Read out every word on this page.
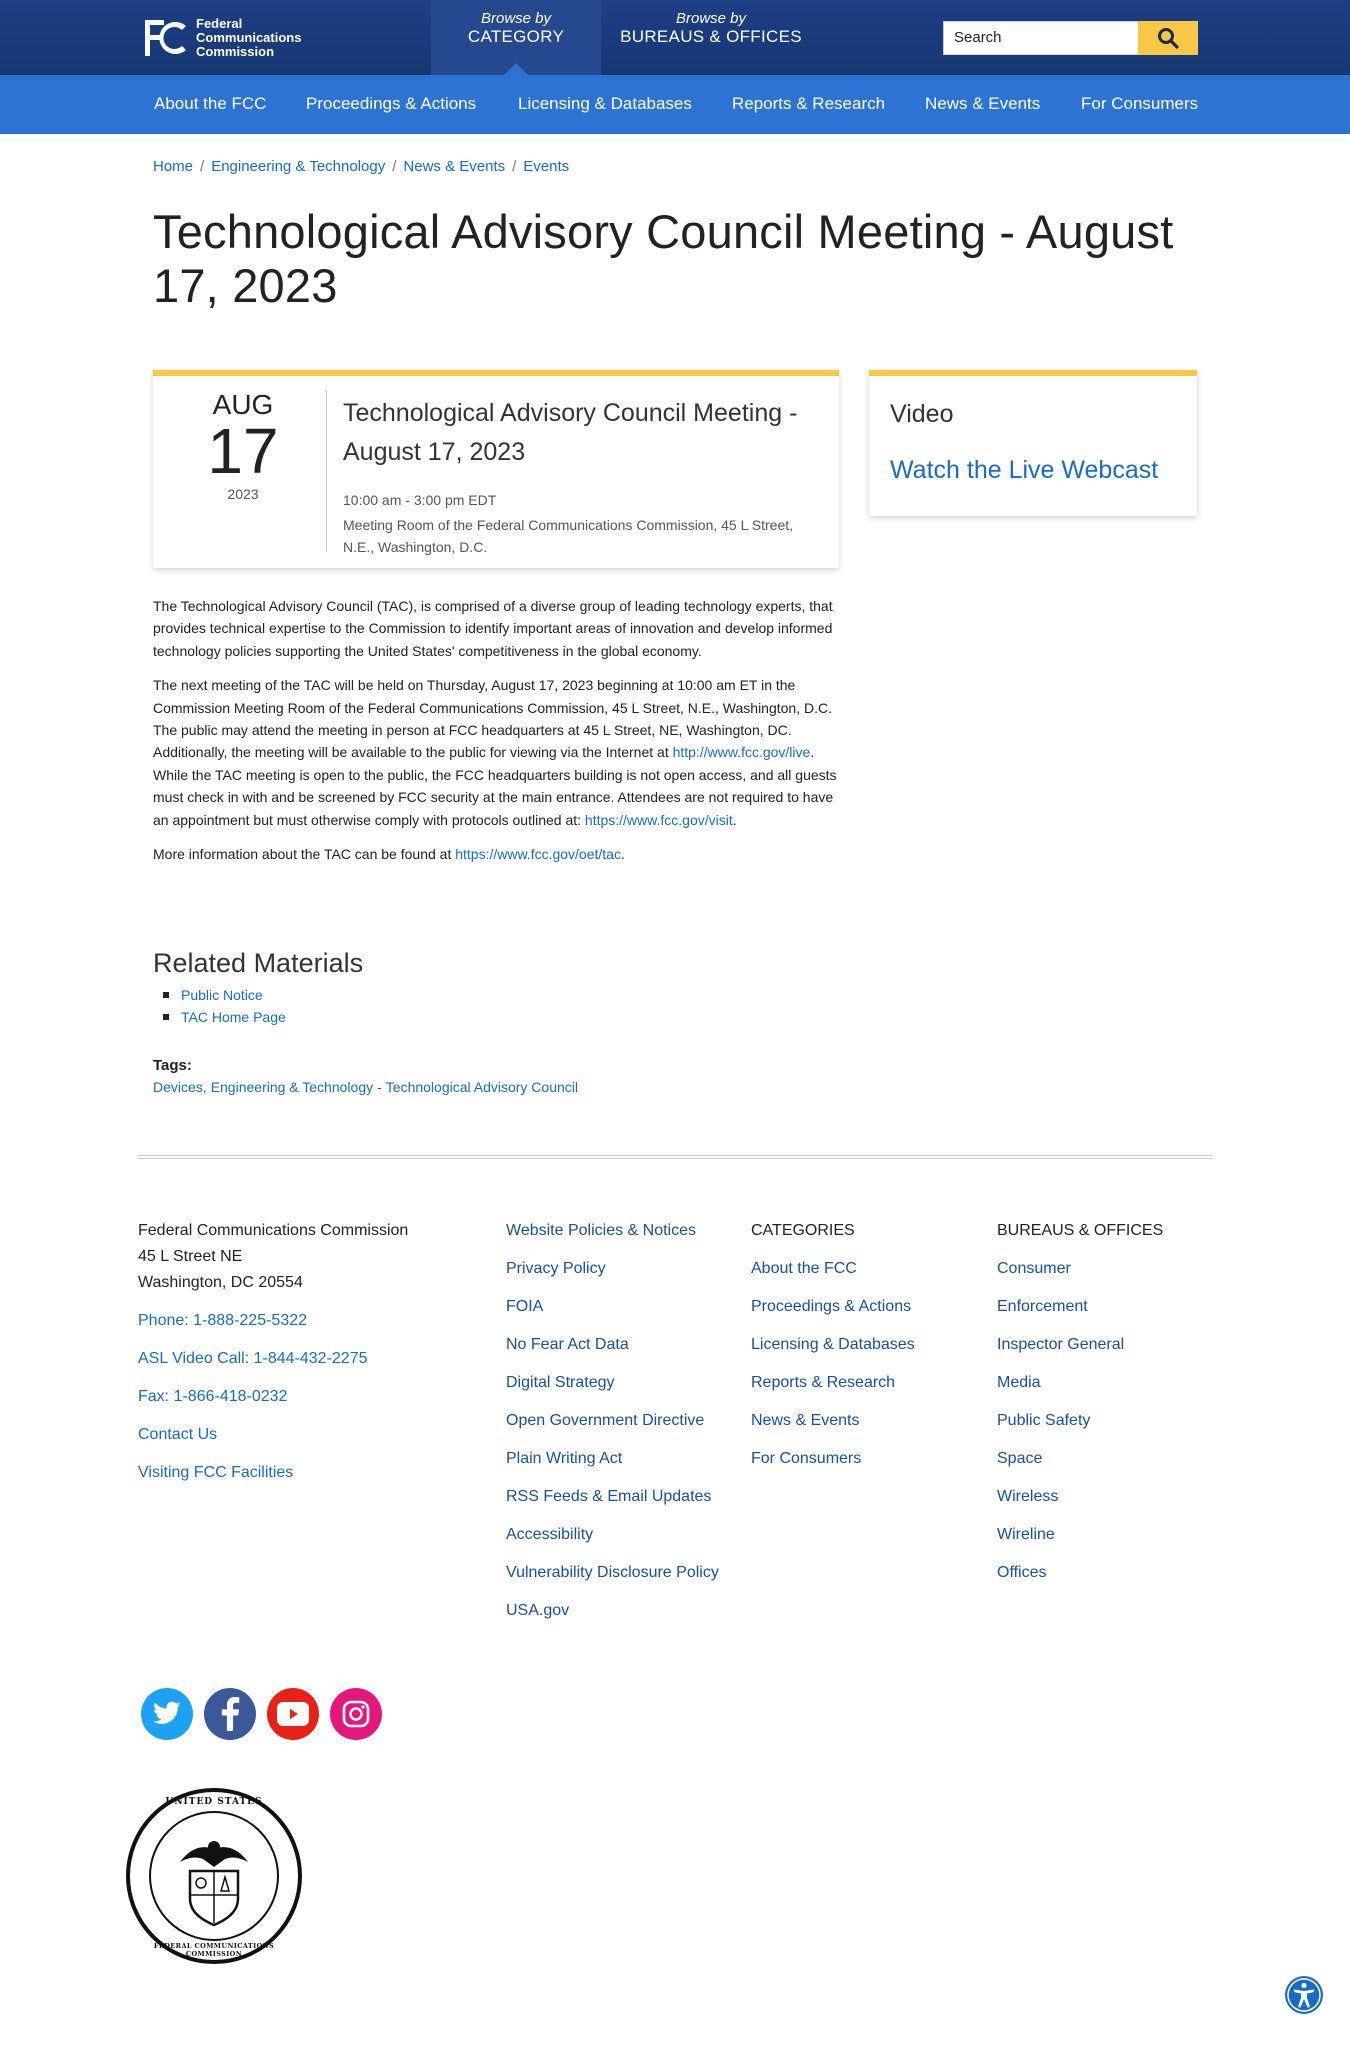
Federal
Communications
Commission
Browse by
CATEGORY
Browse by
BUREAUS & OFFICES	Search
About the FCC Proceedings & Actions Licensing & Databases Reports & Research News & Events For Consumers
Home / Engineering & Technology / News & Events / Events
Technological Advisory Council Meeting - August 17, 2023
AUG
17
2023
Technological Advisory Council Meeting - August 17, 2023
10:00 am - 3:00 pm EDT
Meeting Room of the Federal Communications Commission, 45 L Street, N.E., Washington, D.C.
Video
Watch the Live Webcast

The Technological Advisory Council (TAC), is comprised of a diverse group of leading technology experts, that provides technical expertise to the Commission to identify important areas of innovation and develop informed technology policies supporting the United States' competitiveness in the global economy.

The next meeting of the TAC will be held on Thursday, August 17, 2023 beginning at 10:00 am ET in the Commission Meeting Room of the Federal Communications Commission, 45 L Street, N.E., Washington, D.C. The public may attend the meeting in person at FCC headquarters at 45 L Street, NE, Washington, DC. Additionally, the meeting will be available to the public for viewing via the Internet at http://www.fcc.gov/live. While the TAC meeting is open to the public, the FCC headquarters building is not open access, and all guests must check in with and be screened by FCC security at the main entrance. Attendees are not required to have an appointment but must otherwise comply with protocols outlined at: https://www.fcc.gov/visit.

More information about the TAC can be found at https://www.fcc.gov/oet/tac.

Related Materials
Public Notice
TAC Home Page
Tags:
Devices, Engineering & Technology - Technological Advisory Council
Federal Communications Commission
45 L Street NE
Washington, DC 20554
Phone: 1-888-225-5322
ASL Video Call: 1-844-432-2275
Fax: 1-866-418-0232
Contact Us
Visiting FCC Facilities
Website Policies & Notices
Privacy Policy
FOIA
No Fear Act Data
Digital Strategy
Open Government Directive
Plain Writing Act
RSS Feeds & Email Updates
Accessibility
Vulnerability Disclosure Policy
USA.gov
CATEGORIES
About the FCC
Proceedings & Actions
Licensing & Databases
Reports & Research
News & Events
For Consumers
BUREAUS & OFFICES
Consumer
Enforcement
Inspector General
Media
Public Safety
Space
Wireless
Wireline
Offices
UNITED STATES
FEDERAL COMMUNICATIONS COMMISSION
